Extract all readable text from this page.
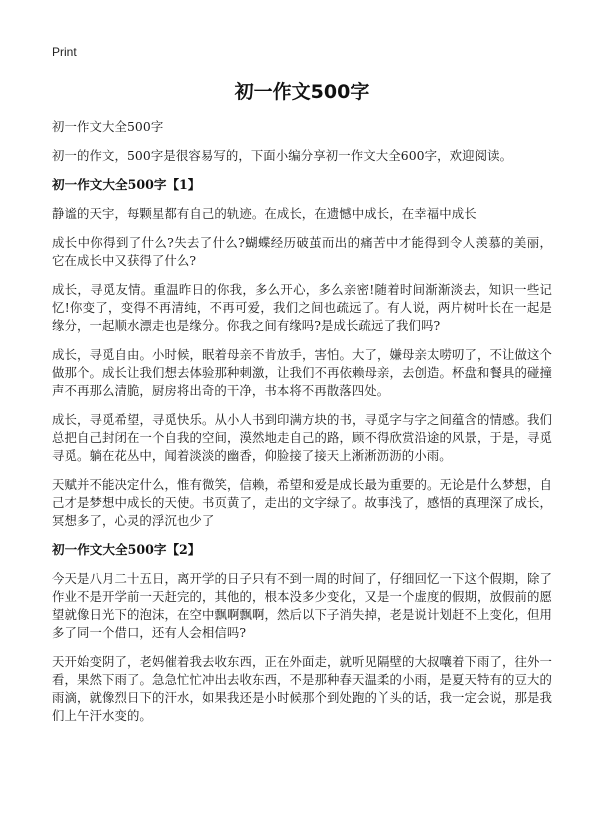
Print
初一作文500字

初一作文大全500字

初一的作文，500字是很容易写的，下面小编分享初一作文大全600字，欢迎阅读。

初一作文大全500字【1】

静谧的天宇，每颗星都有自己的轨迹。在成长，在遗憾中成长，在幸福中成长

成长中你得到了什么?失去了什么?蝴蝶经历破茧而出的痛苦中才能得到令人羡慕的美丽，它在成长中又获得了什么?

成长，寻觅友情。重温昨日的你我，多么开心，多么亲密!随着时间渐渐淡去，知识一些记忆!你变了，变得不再清纯，不再可爱，我们之间也疏远了。有人说，两片树叶长在一起是缘分，一起顺水漂走也是缘分。你我之间有缘吗?是成长疏远了我们吗?

成长，寻觅自由。小时候，眠着母亲不肯放手，害怕。大了，嫌母亲太唠叨了，不让做这个做那个。成长让我们想去体验那种刺激，让我们不再依赖母亲，去创造。杯盘和餐具的碰撞声不再那么清脆，厨房将出奇的干净，书本将不再散落四处。

成长，寻觅希望，寻觅快乐。从小人书到印满方块的书，寻觅字与字之间蕴含的情感。我们总把自己封闭在一个自我的空间，漠然地走自己的路，顾不得欣赏沿途的风景，于是，寻觅寻觅。躺在花丛中，闻着淡淡的幽香，仰脸接了接天上淅淅沥沥的小雨。

天赋并不能决定什么，惟有微笑，信赖，希望和爱是成长最为重要的。无论是什么梦想，自己才是梦想中成长的天使。书页黄了，走出的文字绿了。故事浅了，感悟的真理深了成长，冥想多了，心灵的浮沉也少了

初一作文大全500字【2】

今天是八月二十五日，离开学的日子只有不到一周的时间了，仔细回忆一下这个假期，除了作业不是开学前一天赶完的，其他的，根本没多少变化，又是一个虚度的假期，放假前的愿望就像日光下的泡沫，在空中飘啊飘啊，然后以下子消失掉，老是说计划赶不上变化，但用多了同一个借口，还有人会相信吗?

天开始变阴了，老妈催着我去收东西，正在外面走，就听见隔壁的大叔嚷着下雨了，往外一看，果然下雨了。急急忙忙冲出去收东西，不是那种春天温柔的小雨，是夏天特有的豆大的雨滴，就像烈日下的汗水，如果我还是小时候那个到处跑的丫头的话，我一定会说，那是我们上午汗水变的。
